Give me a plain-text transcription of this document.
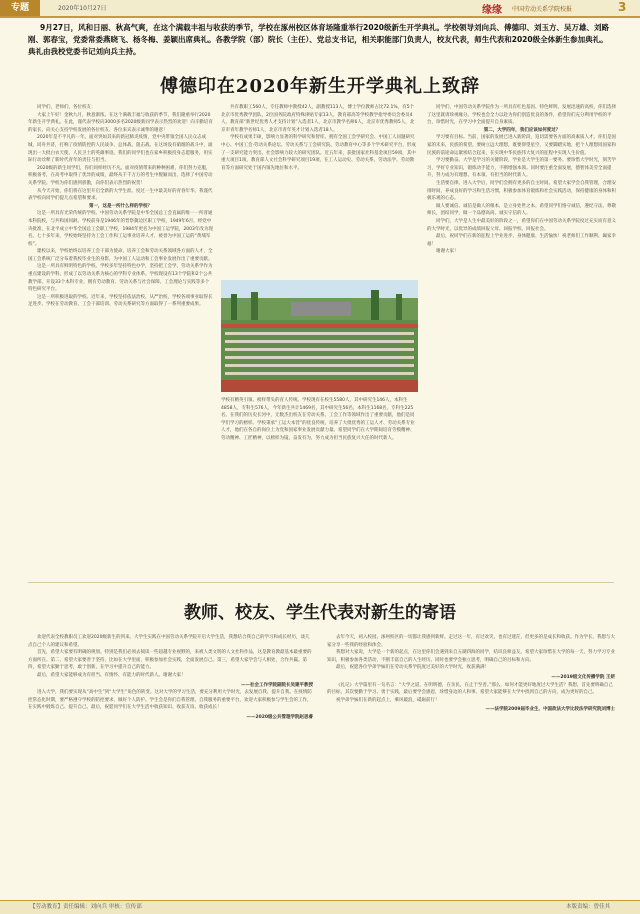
专题	2020年10月27日	缘缘 中国劳动关系学院校报	3
9月27日，风和日丽、秋高气爽，在这个满载丰祖与收获的季节，学校在涿州校区体育场隆重举行2020级新生开学典礼。学校领导刘向兵、傅德印、刘玉方、吴万雄、刘路刚、郭春宝，党委常委燕晓飞、杨冬梅、姜颖出席典礼。各教学院（部）院长（主任）、党总支书记，相关职能部门负责人，校友代表，师生代表和2020级全体新生参加典礼。典礼由我校党委书记刘向兵主持。
傅德印在2020年新生开学典礼上致辞

同学们，老师们，各位校友：

大家上午好！金秋九月，秋意渐浓。在这个满载丰福与收获的季节，我们隆重举行2020年新生开学典礼。在此，谨代表学校向3000多名2020级新同学表示热烈的欢迎！向辛勤培育的家长、向关心支持学校发展的各位校友、各位来宾表示诚挚的谢意！

2020年是不平凡的一年。面对突如其来的新冠肺炎疫情，党中央带领全国人民众志成城，同舟共济，打响了疫情防控的人民战争、总体战、阻击战。在这场没有硝烟的战斗中，涌现出一大批白衣天使、人民卫士的英雄事迹。我们的同学们也在家乡积极投身志愿服务，用实际行动诠释了新时代青年的责任与担当。

2020级的新生同学们，你们同样经历不凡。面对疫情带来的种种困难，你们努力克服，积极备考，在高考中取得了优异的成绩，最终从千千万万的考生中脱颖而出，选择了中国劳动关系学院。学校为你们感到骄傲，向你们表示热烈的祝贺！

从今天开始，你们将在这里开启全新的大学生涯。度过一生中最美好的青春年华。我谨代表学校向同学们提几点希望和要求。

第一，这是一所什么样的学校？

这是一所具有光荣传统的学校。中国劳动关系学院是中华全国总工会直属的唯一一所普通本科院校，与共和国同龄。学校前身是1946年的晋察冀边区职工学校，1949年6月，经党中央批准，在北平成立中华全国总工会职工学校，1984年更名为中国工运学院，2003年改为现名。七十多年来，学校始终坚持为工会工作和工运事业培养人才，被誉为中国工运的“黄埔军校”。

建校以来，学校始终以培养工会干部为使命，培养工会和劳动关系领域各方面的人才，全国工会系统广泛分布着我校毕业生的身影，为中国工人运动和工会事业发展作出了重要贡献。

这是一所具有鲜明特色的学校。学校多年坚持特色办学，坚持把工会学、劳动关系学作为重点建设的学科，形成了以劳动关系为核心的学科专业体系。学校现设有13个学院和2个公共教学部，开设33个本科专业，拥有劳动教育、劳动关系与社会保障、工会理论与实践等多个特色研究平台。

这是一所积极进取的学校。近年来，学校坚持依法治校、从严治校，学校各项事业取得长足进步。学校在劳动教育、工会干部培训、劳动关系研究等方面取得了一系列重要成果。

共有教职工560人，专任教师中教授42人，副教授113人，博士学位教师占比72.1%，有5个北京市优秀教学团队，2位国务院政府特殊津贴专家13人，教育部高等学校教学指导委员会委员4人，教育部“新世纪优秀人才支持计划”入选者1人，北京市教学名师6人，北京市优秀教师5人，北京市青年教学名师1人，北京市青年英才计划入选者18人。

学校有成果丰硕，影响力显著的科学研究和智库。拥有全国工会学研究会、中国工人问题研究中心、中国工会·劳动关系论坛、劳动关系与工会研究院、劳动教育中心等多个学术研究平台，形成了一支研究能力突出、社会影响力较大的研究团队。近五年来，获批国家社科基金项目59项，其中重大项目1项，教育部人文社会科学研究项目19项，在工人运动史、劳动关系、劳动法学、劳动教育等方面研究处于国内领先地位和水平。

学校有精英引领、榜样带头的育人传统。学校现有在校生5580人，其中研究生146人，本科生4858人，专科生576人，今年新生共计1469名，其中研究生56名，本科生1168名，专科生225名。在我们的历史长河中，无数杰出校友在劳动关系、工会工作等领域作出了重要贡献，他们是同学们学习的榜样。学校秉承“工运大本营”的优良传统，培养了大批优秀的工运人才、劳动关系专业人才，他们在各自的岗位上为党和国家事业发展贡献力量。希望同学们在大学期间培育劳模精神、劳动精神、工匠精神，以榜样为镜，奋发有为，努力成为担当民族复兴大任的时代新人。

同学们，中国劳动关系学院作为一所具有红色基因、特色鲜明、发展迅速的高校，你们选择了这里就请珍视缘分。学校也会全力以赴为你们创造优良的条件，希望你们充分利用学校的平台，珍惜时光，在学习中全面提升自身素质。

第二，大学四年，我们应该如何度过？

学习要有目标。当前，国家的发展已进入新阶段，迫切需要各方面的高素质人才。你们是国家的未来，民族的希望。要树立远大理想，既要仰望星空，又要脚踏实地，把个人理想同国家和民族的前途命运紧密结合起来，在实现中华民族伟大复兴的征程中实现人生价值。

学习要勤奋。大学是学习的关键阶段，学业是大学生的第一要务。要珍惜大学时光，刻苦学习，学好专业知识，锻炼动手能力，不断增强本领。同时要注重全面发展，德智体美劳全面提升，努力成为有理想、有本领、有担当的时代新人。

生活要自律。进入大学后，同学们会拥有更多的自主时间。希望大家学会自我管理，合理安排时间，养成良好的学习和生活习惯，积极参加体育锻炼和社会实践活动，保持健康的身体和积极乐观的心态。

做人要诚信。诚信是做人的根本，是立身处世之本。希望同学们恪守诚信，遵纪守法，尊敬师长，团结同学，做一个品德高尚、诚实守信的人。

同学们，大学是人生中最美好的阶段之一，希望你们在中国劳动关系学院度过充实而有意义的大学时光，以优异的成绩回报父母、回报学校、回报社会。

最后，祝同学们在新的征程上学业进步、身体健康、生活愉快！祝老师们工作顺利、阖家幸福！

谢谢大家！

教师、校友、学生代表对新生的寄语

欢迎代表全校教职员工欢迎2020级新生的到来。大学生实践在中国劳动关系学院开启大学生活，我想结合我自己的学习和成长经历，谈几点自己个人的建议和希望。

首先，希望大家要有明确的规划。特别是我们必须去阅读一些超越专业视野的，来被人类文明的人文社科作品，这是教育教最基本最重要的方面所在。第二，希望大家要善于坚持，比如在大学里面，积极参加社会实践，全面发展自己。第三，希望大家学会与人相处，合作共赢。第四，希望大家勤于思考，敢于创新，在学习中提升自己的能力。

最后，希望大家能够成为有担当、有情怀、有能力的时代新人。谢谢大家！

——社会工作学院副院长吴建平教授

进入大学，我们要实现从“高中生”到“大学生”角色的转变。这对大学的学习生活，要充分利用大学时光，去发展自我、提升自我。在疫情防控常态化时期，要严格遵守学校的防控要求，做好个人防护。学生会是你们自我管理、自我服务的重要平台，欢迎大家积极参与学生会的工作，在实践中锻炼自己、提升自己。最后，祝愿同学们在大学生活中收获知识、收获友谊、收获成长！

——2020级公共管理学院赵思睿

去年今天，初入校园，涿州校区的一切都让我感到新鲜。走过这一年，有过欢笑，也有过迷茫，但更多的是成长和收获。作为学长，我想与大家分享一些我的经验和体会。

我想对大家说，大学是一个新的起点，在这里你们会遇到来自五湖四海的同学，结识良师益友。希望大家珍惜在大学的每一天，努力学习专业知识，积极参加各类活动，不断丰富自己的人生经历。同时也要学会独立思考，明确自己的目标和方向。

最后，祝愿各位学弟学妹们在劳动关系学院度过美好的大学时光，收获满满！

——2019级文化传播学院 王妍

《礼记》大学篇里有一句名言：“大学之道，在明明德，在亲民，在止于至善。”那么，如何才能更好地度过大学生活？我想，首先要明确自己的目标，其次要勤于学习、勇于实践，最后要学会感恩，珍惜身边的人和事。希望大家能够在大学中找到自己的方向，成为更好的自己。

祝学弟学妹们在新的起点上，乘风破浪，砥砺前行！

——法学院2009届毕业生、中国政法大学比较法学研究院刘博士

【劳动教育】责任编辑：刘向兵 审核：宣传部	本版责编：曾佳其
